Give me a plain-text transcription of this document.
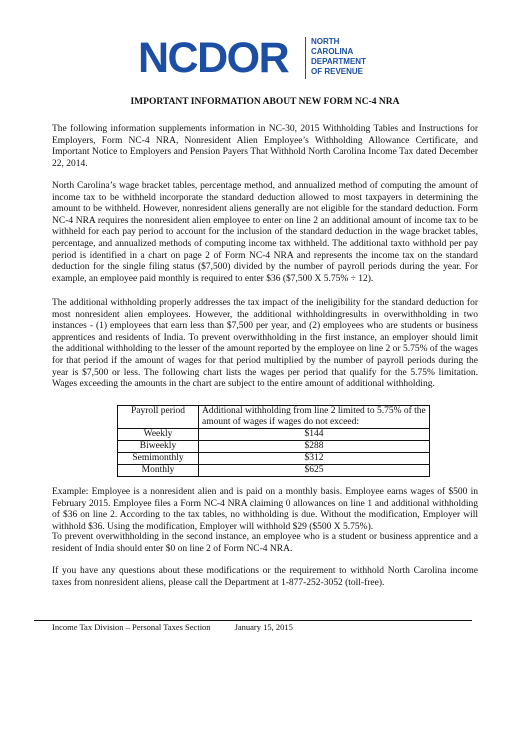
NCDOR	NORTH
CAROLINA
DEPARTMENT
OF REVENUE
IMPORTANT INFORMATION ABOUT NEW FORM NC-4 NRA

The following information supplements information in NC-30, 2015 Withholding Tables and Instructions for Employers, Form NC-4 NRA, Nonresident Alien Employee’s Withholding Allowance Certificate, and Important Notice to Employers and Pension Payers That Withhold North Carolina Income Tax dated December 22, 2014.

North Carolina’s wage bracket tables, percentage method, and annualized method of computing the amount of income tax to be withheld incorporate the standard deduction allowed to most taxpayers in determining the amount to be withheld. However, nonresident aliens generally are not eligible for the standard deduction. Form NC-4 NRA requires the nonresident alien employee to enter on line 2 an additional amount of income tax to be withheld for each pay period to account for the inclusion of the standard deduction in the wage bracket tables, percentage, and annualized methods of computing income tax withheld. The additional taxto withhold per pay period is identified in a chart on page 2 of Form NC-4 NRA and represents the income tax on the standard deduction for the single filing status ($7,500) divided by the number of payroll periods during the year. For example, an employee paid monthly is required to enter $36 ($7,500 X 5.75% ÷ 12).

The additional withholding properly addresses the tax impact of the ineligibility for the standard deduction for most nonresident alien employees. However, the additional withholdingresults in overwithholding in two instances - (1) employees that earn less than $7,500 per year, and (2) employees who are students or business apprentices and residents of India. To prevent overwithholding in the first instance, an employer should limit the additional withholding to the lesser of the amount reported by the employee on line 2 or 5.75% of the wages for that period if the amount of wages for that period multiplied by the number of payroll periods during the year is $7,500 or less. The following chart lists the wages per period that qualify for the 5.75% limitation. Wages exceeding the amounts in the chart are subject to the entire amount of additional withholding.

Payroll period	Additional withholding from line 2 limited to 5.75% of the amount of wages if wages do not exceed:
Weekly	$144
Biweekly	$288
Semimonthly	$312
Monthly	$625

Example: Employee is a nonresident alien and is paid on a monthly basis. Employee earns wages of $500 in February 2015. Employee files a Form NC-4 NRA claiming 0 allowances on line 1 and additional withholding of $36 on line 2. According to the tax tables, no withholding is due. Without the modification, Employer will withhold $36. Using the modification, Employer will withhold $29 ($500 X 5.75%).

To prevent overwithholding in the second instance, an employee who is a student or business apprentice and a resident of India should enter $0 on line 2 of Form NC-4 NRA.

If you have any questions about these modifications or the requirement to withhold North Carolina income taxes from nonresident aliens, please call the Department at 1-877-252-3052 (toll-free).

Income Tax Division – Personal Taxes Section	January 15, 2015
